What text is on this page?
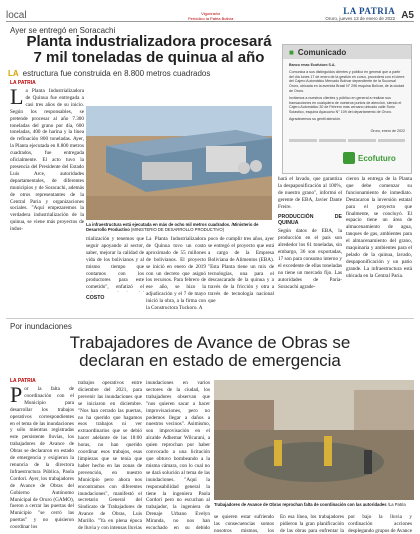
local	Vigorinsfor
Periódico la Patria Bolivia
LA PATRIA
Oruro, jueves 13 de enero de 2022 A5
Ayer se entregó en Soracachi
Planta industrializadora procesará 7 mil toneladas de quinua al año
LA estructura fue construida en 8.800 metros cuadrados
LA PATRIA
L a Planta Industrializadora de Quinua fue entregada a casi tres años de su inicio. Según los responsables, se pretende procesar al año 7.300 toneladas del grano por día, 600 toneladas, 400 de harina y la línea de refinación 800 toneladas. Ayer, la Planta ejecutada en 8.800 metros cuadrados, fue entregada oficialmente. El acto tuvo la presencia del Presidente del Estado Luis Arce, autoridades departamentales, de diferentes municipios y de Soracachi, además de otros representantes de la Central Paria y organizaciones sociales. "Aquí empezaremos la verdadera industrialización de la quinua, se viene más proyectos de indus-
La infraestructura está ejecutada en más de ocho mil metros cuadrados. /Ministerio de Desarrollo Productivo (MINISTERIO DE DESARROLLO PRODUCTIVO)
trialización y tenemos que seguir apoyando al sector, saber, mejorar la calidad de vida de los bolivianos y al mismo tiempo que contamos con los productores para este cometido", enfatizó el
COSTO
La Planta Industrializadora de Quinua tuvo un costo aproximado de 55 millones de bolivianos. El proyecto se inició en enero de 2019 con un decreto que asignó los recursos. Para febrero de ese año, se hizo la adjudicación y el 7 de mayo inició la obra, a la firma con la Constructora Tuckoro. A
poco de cumplir tres años, ayer se entregó el proyecto que está a cargo de la Empresa Boliviana de Alimentos (EBA). "Esta Planta tiene un mix de tecnologías, una para el descascarado de la quinua y a través de la fricción y otra a través de tecnología nacional que
hará el lavado, que garantiza la despaponificación al 100%, de nuestro grano", informó el gerente de EBA, Javier Dante Freire.
PRODUCCIÓN DE QUINUA
Según datos de EBA, la producción en el país son alrededor los 61 toneladas, sin embargo, 36 son exportadas, 17 son para consumo interno y el excedente de ellas toneladas no tiene un mercado fijo. Las autoridades de Paria-Soracachi agrade-
cieron la entrega de la Planta que debe comenzar su funcionamiento de inmediato. Destacaron la inversión estatal para el proyecto que finalmente, se concluyó. El espacio tiene un área de almacenamiento de agua, tanques de gas, ambientes para el almacenamiento del grano, maquinaria y ambientes para el pelado de la quinua, lavado, despaponificación y un patio grande. La infraestructura está ubicada en la Central Paria.
■ Comunicado

Banco rmac Ecofuturo S.A.

Comunica a sus distinguidos clientes y público en general que a partir del día lunes 17 de enero de la gestión en curso, procederá con el cierre del Cajero Automático Mercado Bolívar dependiente de la Sucursal Oruro, ubicada en la avenida Brasil N° 296 esquina Bolívar, de la ciudad de Oruro.

Invitamos a nuestros clientes y público en general a realizar sus transacciones en cualquiera de nuestros puntos de atención, siendo el Cajero Automático 30 de Febrero más cercano ubicado calle Sorio Solastico, esquina Ayacucho N° 109 del departamento de Oruro.

Agradecemos su gentil atención.

Oruro, enero de 2022
Ecofuturo
Por inundaciones
Trabajadores de Avance de Obras se declaran en estado de emergencia
LA PATRIA
P or la falta de coordinación con el Municipio para desarrollar los trabajos operativos correspondientes en el tema de las inundaciones y sólo mientras registradas este persistente lluvias, los trabajadores de Avance de Obras se declararon en estado de emergencia y exigieron la renuncia de la directora Infraestructura Pública, Paola Cordori. Ayer, los trabajadores de Avance de Obras del Gobierno Autónomo Municipal de Oruro (GAMO), fueron a cerrar las puertas del Municipio "se cerró las puertas" y no quisieron coordinar los
trabajos operativos entre diciembre del 2021, para prevenir las inundaciones que se iniciaron en diciembre. "Nos han cerrado las puertas, no ha querido que hagamos esos trabajos ni ver extraordinarios que se debió hacer adelante de las 18:00 horas, no han querido coordinar esos trabajos, esas limpiezas que se tenía que haber hecho en las zonas de prevención, en nuestro Municipio pero ahora nos encontramos con diferentes inundaciones", manifestó el secretario General del Sindicato de Trabajadores de Avance de Obras, Luis Murillo. "Ya en plena época de lluvia y con intensas lluvias
inundaciones en varios sectores de la ciudad, los trabajadores observan que "nos quieren sacar a hacer improvisaciones, pero no podemos llegar a daños a nuestros vecinos". Asimismo, son improvisación en el alcalde Adhemar Wilcarani, a quien reprochan por haber convocado a una licitación que obtuvo bombeando a la misma cámara, con lo cual no se dará solución al tema de las inundaciones. "Aquí la responsabilidad general la tiene la ingeniera Paola Cordori pero no escuchan al trabajador, la ingeniera de Drenaje Urbano Evelyn Miranda, no nos han escuchado en su debido
Trabajadores de Avance de Obras reprochan falta de coordinación con las autoridades /La Patria
se quieren estar sufriendo las consecuencias somos nosotros mismos, los
En esa línea, los trabajadores pidieron la gran planificación de las obras para enfrentar la
por bajo la lluvia y cordinación acciones desplegando grupos de Avance
